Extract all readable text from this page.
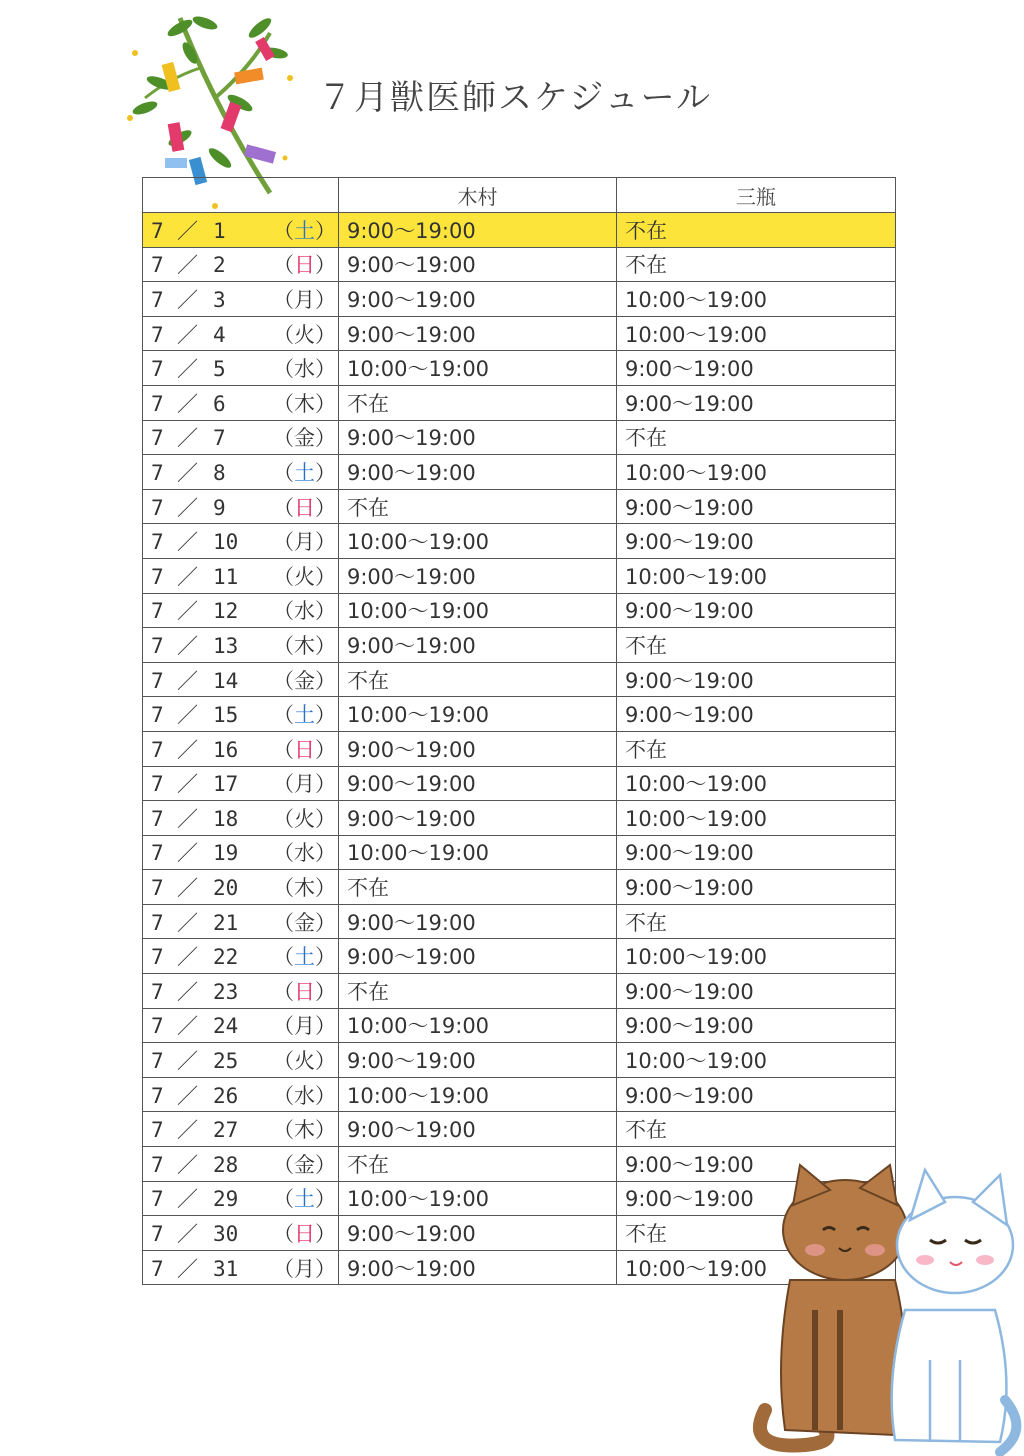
７月獣医師スケジュール
	木村	三瓶
7 ／ 1 （土）	9:00～19:00	不在
7 ／ 2 （日）	9:00～19:00	不在
7 ／ 3 （月）	9:00～19:00	10:00～19:00
7 ／ 4 （火）	9:00～19:00	10:00～19:00
7 ／ 5 （水）	10:00～19:00	9:00～19:00
7 ／ 6 （木）	不在	9:00～19:00
7 ／ 7 （金）	9:00～19:00	不在
7 ／ 8 （土）	9:00～19:00	10:00～19:00
7 ／ 9 （日）	不在	9:00～19:00
7 ／ 10 （月）	10:00～19:00	9:00～19:00
7 ／ 11 （火）	9:00～19:00	10:00～19:00
7 ／ 12 （水）	10:00～19:00	9:00～19:00
7 ／ 13 （木）	9:00～19:00	不在
7 ／ 14 （金）	不在	9:00～19:00
7 ／ 15 （土）	10:00～19:00	9:00～19:00
7 ／ 16 （日）	9:00～19:00	不在
7 ／ 17 （月）	9:00～19:00	10:00～19:00
7 ／ 18 （火）	9:00～19:00	10:00～19:00
7 ／ 19 （水）	10:00～19:00	9:00～19:00
7 ／ 20 （木）	不在	9:00～19:00
7 ／ 21 （金）	9:00～19:00	不在
7 ／ 22 （土）	9:00～19:00	10:00～19:00
7 ／ 23 （日）	不在	9:00～19:00
7 ／ 24 （月）	10:00～19:00	9:00～19:00
7 ／ 25 （火）	9:00～19:00	10:00～19:00
7 ／ 26 （水）	10:00～19:00	9:00～19:00
7 ／ 27 （木）	9:00～19:00	不在
7 ／ 28 （金）	不在	9:00～19:00
7 ／ 29 （土）	10:00～19:00	9:00～19:00
7 ／ 30 （日）	9:00～19:00	不在
7 ／ 31 （月）	9:00～19:00	10:00～19:00
